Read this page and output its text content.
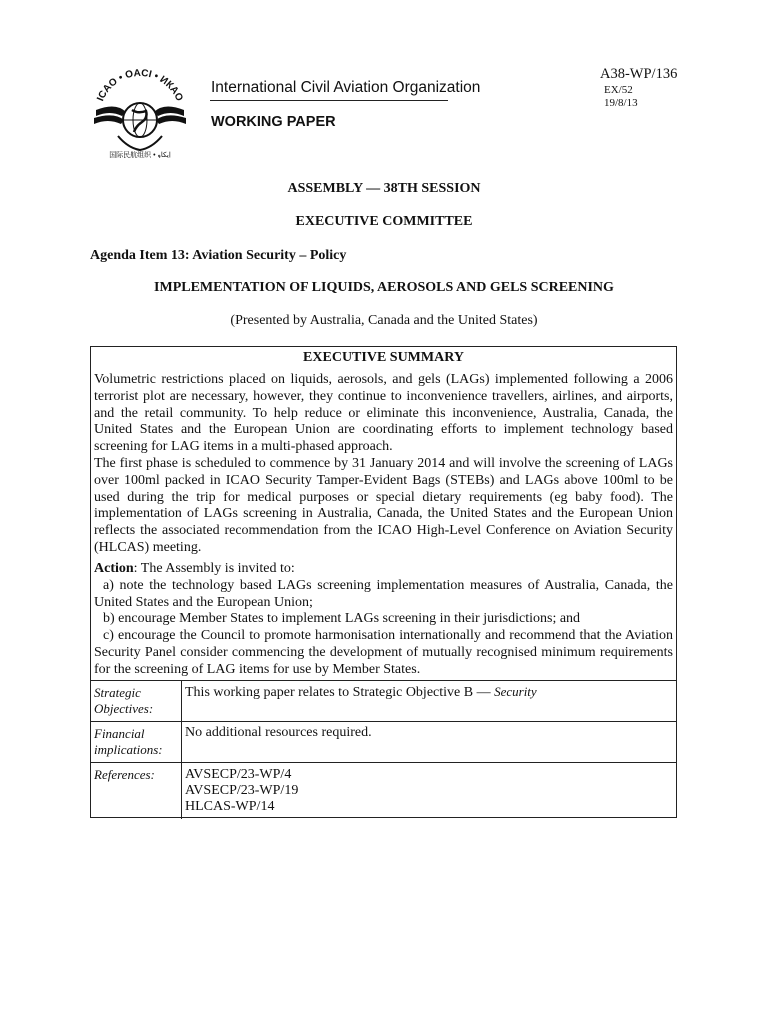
ICAO • OACI • ИКАО
国际民航组织 • إيكاو
International Civil Aviation Organization
WORKING PAPER
A38-WP/136
EX/52
19/8/13
ASSEMBLY — 38TH SESSION
EXECUTIVE COMMITTEE
Agenda Item 13: Aviation Security – Policy
IMPLEMENTATION OF LIQUIDS, AEROSOLS AND GELS SCREENING
(Presented by Australia, Canada and the United States)
EXECUTIVE SUMMARY

Volumetric restrictions placed on liquids, aerosols, and gels (LAGs) implemented following a 2006 terrorist plot are necessary, however, they continue to inconvenience travellers, airlines, and airports, and the retail community. To help reduce or eliminate this inconvenience, Australia, Canada, the United States and the European Union are coordinating efforts to implement technology based screening for LAG items in a multi-phased approach.

The first phase is scheduled to commence by 31 January 2014 and will involve the screening of LAGs over 100ml packed in ICAO Security Tamper-Evident Bags (STEBs) and LAGs above 100ml to be used during the trip for medical purposes or special dietary requirements (eg baby food). The implementation of LAGs screening in Australia, Canada, the United States and the European Union reflects the associated recommendation from the ICAO High-Level Conference on Aviation Security (HLCAS) meeting.

Action: The Assembly is invited to:

a) note the technology based LAGs screening implementation measures of Australia, Canada, the United States and the European Union;

b) encourage Member States to implement LAGs screening in their jurisdictions; and

c) encourage the Council to promote harmonisation internationally and recommend that the Aviation Security Panel consider commencing the development of mutually recognised minimum requirements for the screening of LAG items for use by Member States.

Strategic
Objectives:
This working paper relates to Strategic Objective B — Security
Financial
implications:
No additional resources required.
References:	AVSECP/23-WP/4
AVSECP/23-WP/19
HLCAS-WP/14
